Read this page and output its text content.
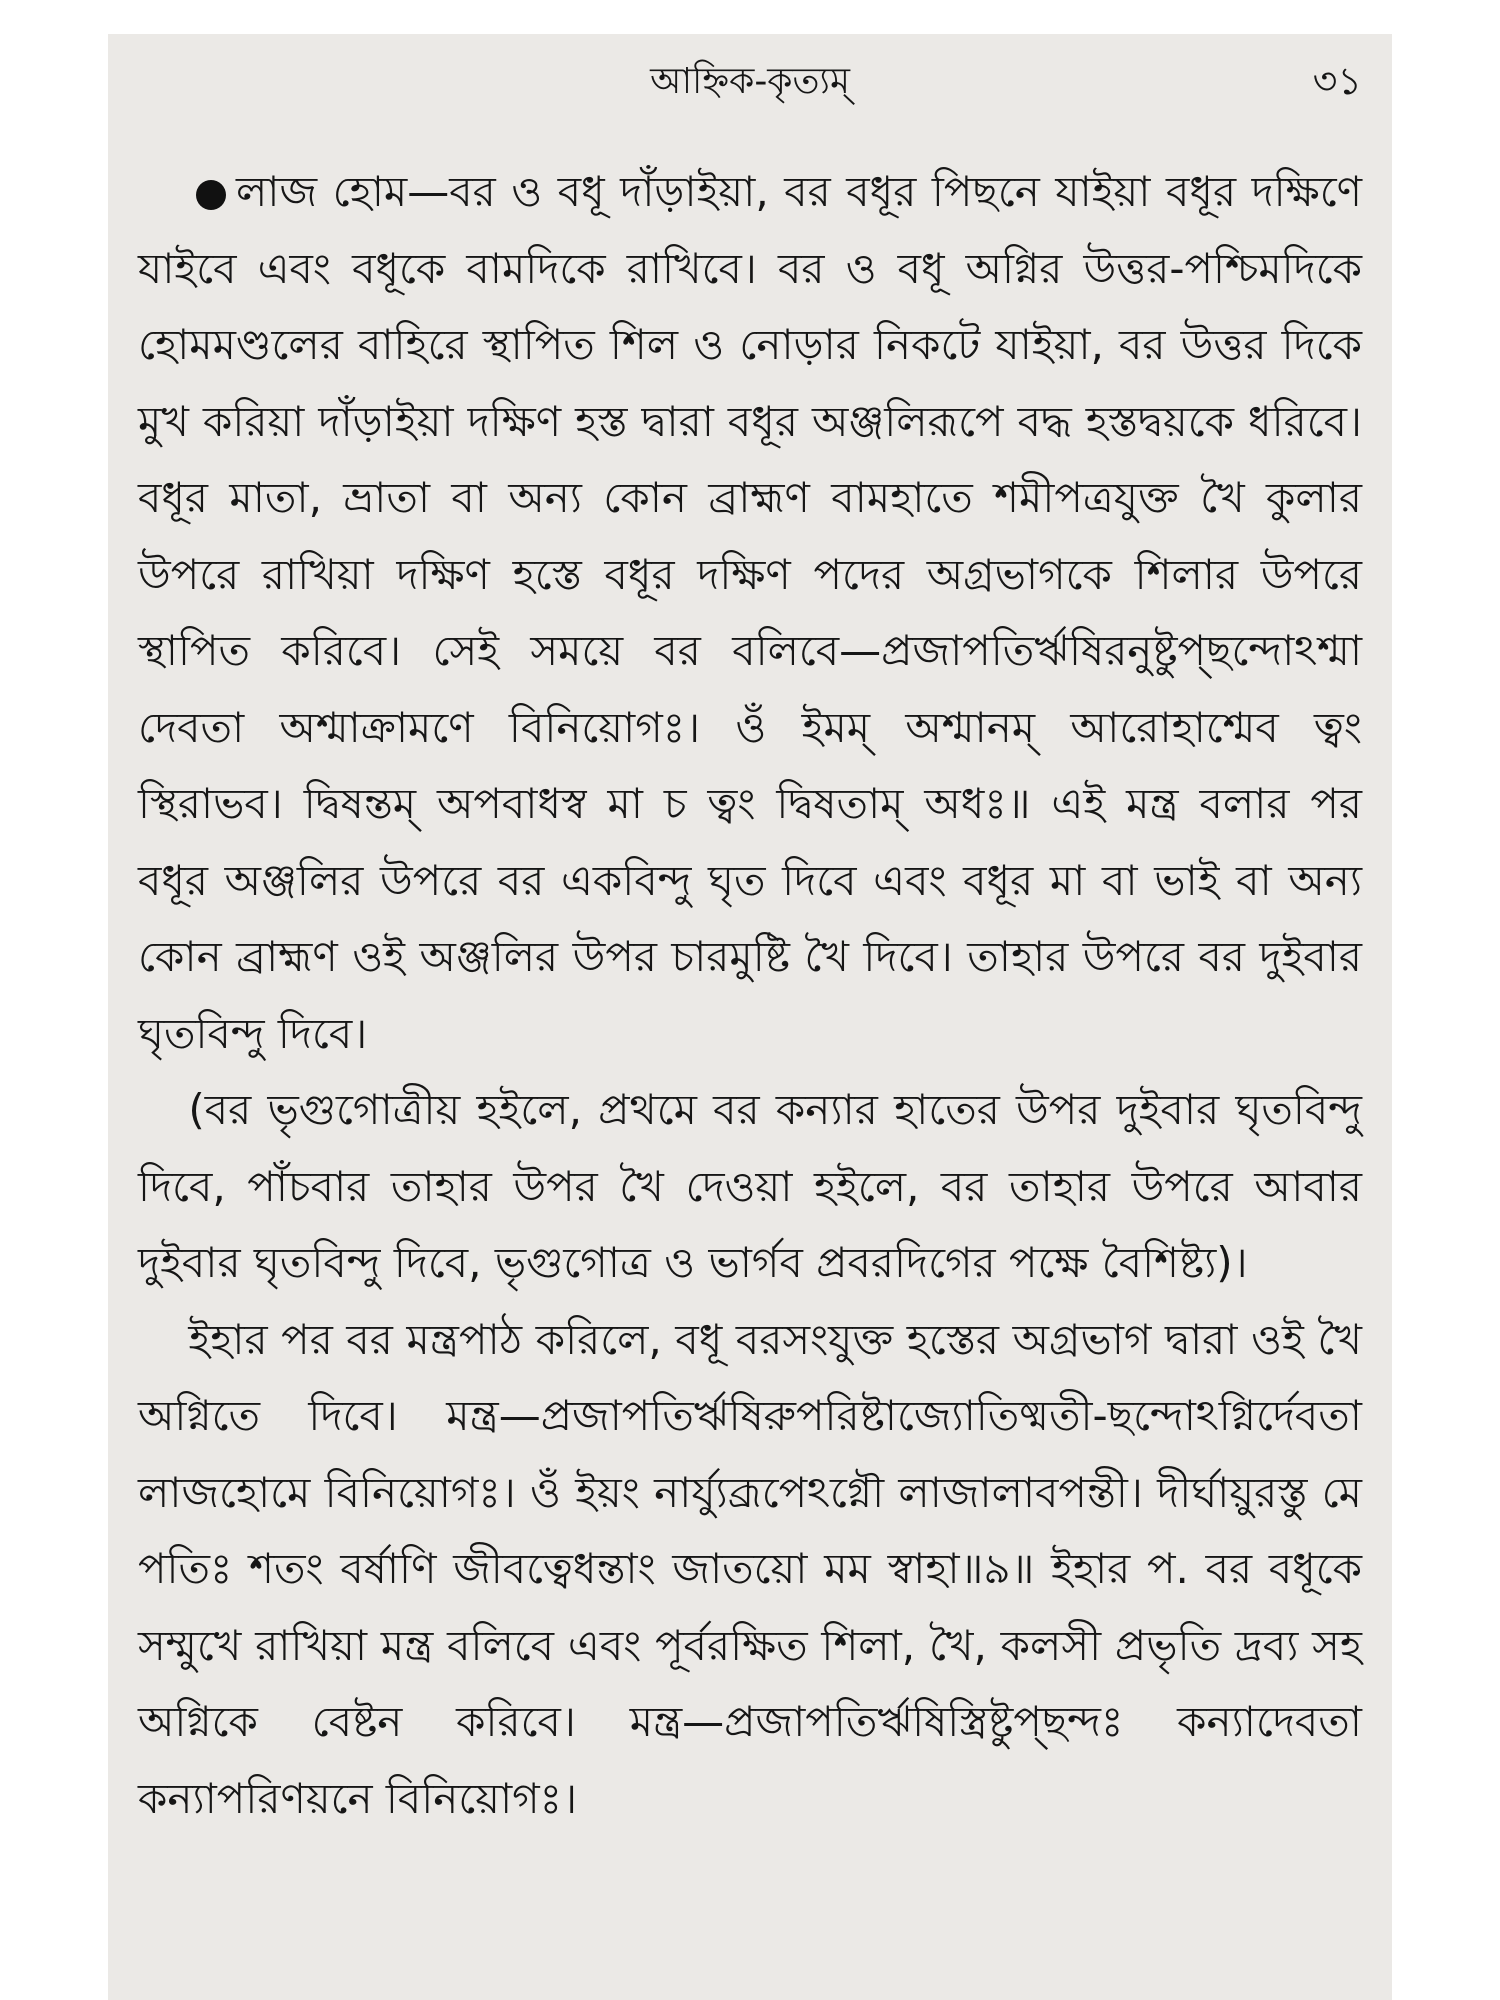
আহ্নিক-কৃত্যম্	৩১

লাজ হোম—বর ও বধূ দাঁড়াইয়া, বর বধূর পিছনে যাইয়া বধূর দক্ষিণে যাইবে এবং বধূকে বামদিকে রাখিবে। বর ও বধূ অগ্নির উত্তর-পশ্চিমদিকে হোমমণ্ডলের বাহিরে স্থাপিত শিল ও নোড়ার নিকটে যাইয়া, বর উত্তর দিকে মুখ করিয়া দাঁড়াইয়া দক্ষিণ হস্ত দ্বারা বধূর অঞ্জলিরূপে বদ্ধ হস্তদ্বয়কে ধরিবে। বধূর মাতা, ভ্রাতা বা অন্য কোন ব্রাহ্মণ বামহাতে শমীপত্রযুক্ত খৈ কুলার উপরে রাখিয়া দক্ষিণ হস্তে বধূর দক্ষিণ পদের অগ্রভাগকে শিলার উপরে স্থাপিত করিবে। সেই সময়ে বর বলিবে—প্রজাপতির্ঋষিরনুষ্টুপ্ছন্দোঽশ্মা দেবতা অশ্মাক্রামণে বিনিয়োগঃ। ওঁ ইমম্ অশ্মানম্ আরোহাশ্মেব ত্বং স্থিরাভব। দ্বিষন্তম্ অপবাধস্ব মা চ ত্বং দ্বিষতাম্ অধঃ॥ এই মন্ত্র বলার পর বধূর অঞ্জলির উপরে বর একবিন্দু ঘৃত দিবে এবং বধূর মা বা ভাই বা অন্য কোন ব্রাহ্মণ ওই অঞ্জলির উপর চারমুষ্টি খৈ দিবে। তাহার উপরে বর দুইবার ঘৃতবিন্দু দিবে।

(বর ভৃগুগোত্রীয় হইলে, প্রথমে বর কন্যার হাতের উপর দুইবার ঘৃতবিন্দু দিবে, পাঁচবার তাহার উপর খৈ দেওয়া হইলে, বর তাহার উপরে আবার দুইবার ঘৃতবিন্দু দিবে, ভৃগুগোত্র ও ভার্গব প্রবরদিগের পক্ষে বৈশিষ্ট্য)।

ইহার পর বর মন্ত্রপাঠ করিলে, বধূ বরসংযুক্ত হস্তের অগ্রভাগ দ্বারা ওই খৈ অগ্নিতে দিবে। মন্ত্র—প্রজাপতির্ঋষিরুপরিষ্টাজ্যোতিষ্মতী-ছন্দোঽগ্নির্দেবতা লাজহোমে বিনিয়োগঃ। ওঁ ইয়ং নার্য্যুব্রূপেঽগ্নৌ লাজালাবপন্তী। দীর্ঘায়ুরস্তু মে পতিঃ শতং বর্ষাণি জীবত্বেধন্তাং জাতয়ো মম স্বাহা॥৯॥ ইহার প. বর বধূকে সম্মুখে রাখিয়া মন্ত্র বলিবে এবং পূর্বরক্ষিত শিলা, খৈ, কলসী প্রভৃতি দ্রব্য সহ অগ্নিকে বেষ্টন করিবে। মন্ত্র—প্রজাপতির্ঋষিস্ত্রিষ্টুপ্ছন্দঃ কন্যাদেবতা কন্যাপরিণয়নে বিনিয়োগঃ।
